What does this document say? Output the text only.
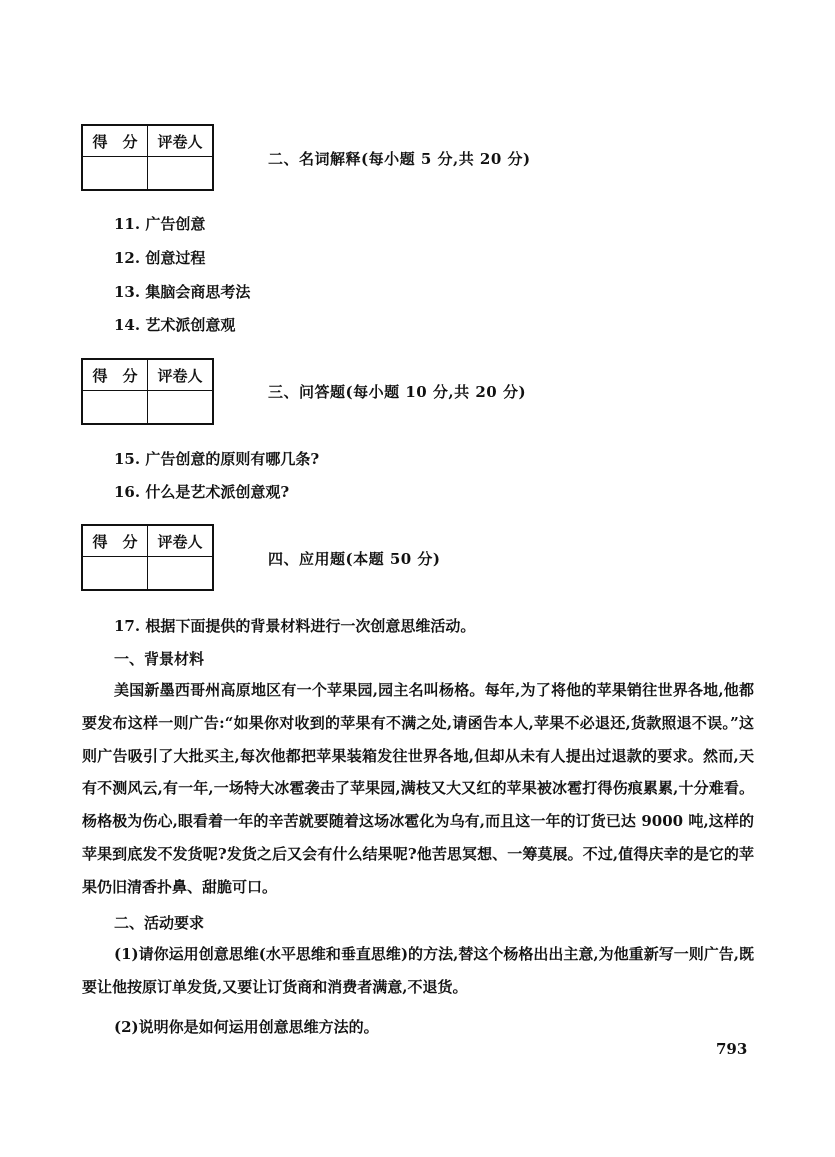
得　分	评卷人

二、名词解释(每小题 5 分,共 20 分)
11. 广告创意
12. 创意过程
13. 集脑会商思考法
14. 艺术派创意观
得　分	评卷人

三、问答题(每小题 10 分,共 20 分)
15. 广告创意的原则有哪几条?
16. 什么是艺术派创意观?
得　分	评卷人

四、应用题(本题 50 分)
17. 根据下面提供的背景材料进行一次创意思维活动。
一、背景材料

美国新墨西哥州高原地区有一个苹果园,园主名叫杨格。每年,为了将他的苹果销往世界各地,他都要发布这样一则广告:“如果你对收到的苹果有不满之处,请函告本人,苹果不必退还,货款照退不误。”这则广告吸引了大批买主,每次他都把苹果装箱发往世界各地,但却从未有人提出过退款的要求。然而,天有不测风云,有一年,一场特大冰雹袭击了苹果园,满枝又大又红的苹果被冰雹打得伤痕累累,十分难看。杨格极为伤心,眼看着一年的辛苦就要随着这场冰雹化为乌有,而且这一年的订货已达 9000 吨,这样的苹果到底发不发货呢?发货之后又会有什么结果呢?他苦思冥想、一筹莫展。不过,值得庆幸的是它的苹果仍旧清香扑鼻、甜脆可口。

二、活动要求

(1)请你运用创意思维(水平思维和垂直思维)的方法,替这个杨格出出主意,为他重新写一则广告,既要让他按原订单发货,又要让订货商和消费者满意,不退货。

(2)说明你是如何运用创意思维方法的。

793
